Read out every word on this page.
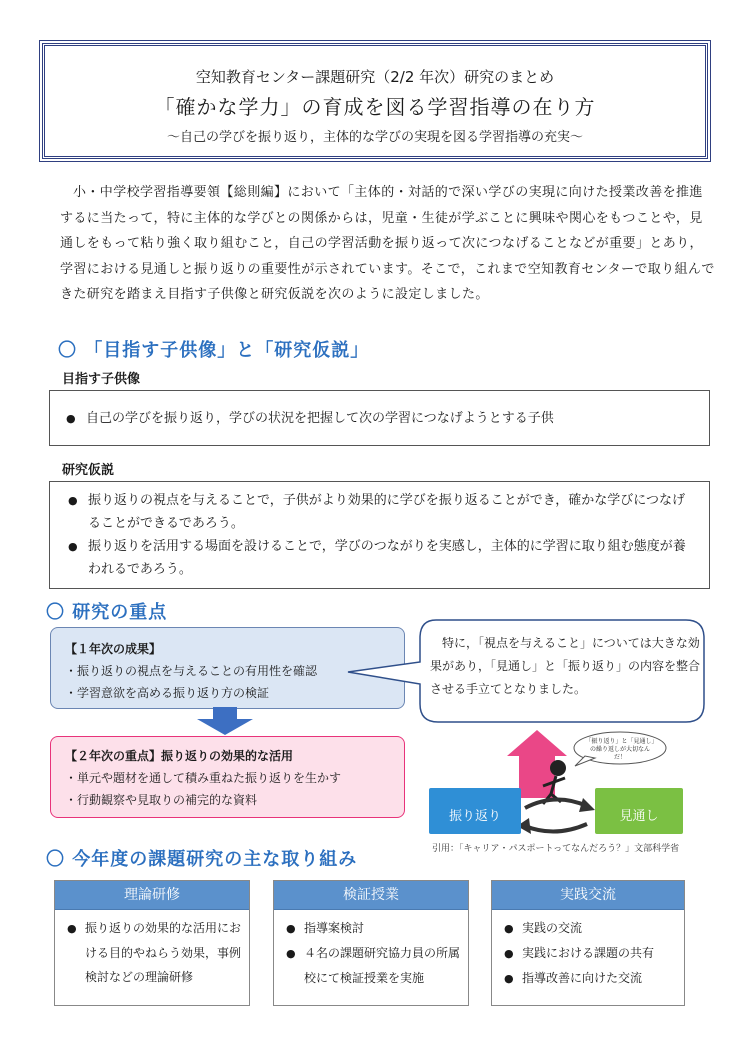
空知教育センター課題研究（2/2 年次）研究のまとめ
「確かな学力」の育成を図る学習指導の在り方
～自己の学びを振り返り，主体的な学びの実現を図る学習指導の充実～
小・中学校学習指導要領【総則編】において「主体的・対話的で深い学びの実現に向けた授業改善を推進するに当たって，特に主体的な学びとの関係からは，児童・生徒が学ぶことに興味や関心をもつことや，見通しをもって粘り強く取り組むこと，自己の学習活動を振り返って次につなげることなどが重要」とあり，学習における見通しと振り返りの重要性が示されています。そこで，これまで空知教育センターで取り組んできた研究を踏まえ目指す子供像と研究仮説を次のように設定しました。
〇 「目指す子供像」と「研究仮説」
目指す子供像
● 自己の学びを振り返り，学びの状況を把握して次の学習につなげようとする子供
研究仮説
● 振り返りの視点を与えることで，子供がより効果的に学びを振り返ることができ，確かな学びにつなげることができるであろう。
● 振り返りを活用する場面を設けることで，学びのつながりを実感し，主体的に学習に取り組む態度が養われるであろう。
〇 研究の重点
【１年次の成果】
・振り返りの視点を与えることの有用性を確認
・学習意欲を高める振り返り方の検証
【２年次の重点】振り返りの効果的な活用
・単元や題材を通して積み重ねた振り返りを生かす
・行動観察や見取りの補完的な資料
特に，「視点を与えること」については大きな効果があり，「見通し」と「振り返り」の内容を整合させる手立てとなりました。
「振り返り」と「見通し」の繰り返しが大切なんだ！
振り返り	見通し
引用：「キャリア・パスポートってなんだろう？」文部科学省
〇 今年度の課題研究の主な取り組み
理論研修
● 振り返りの効果的な活用における目的やねらう効果，事例検討などの理論研修
検証授業
● 指導案検討
● ４名の課題研究協力員の所属校にて検証授業を実施
実践交流
● 実践の交流
● 実践における課題の共有
● 指導改善に向けた交流
